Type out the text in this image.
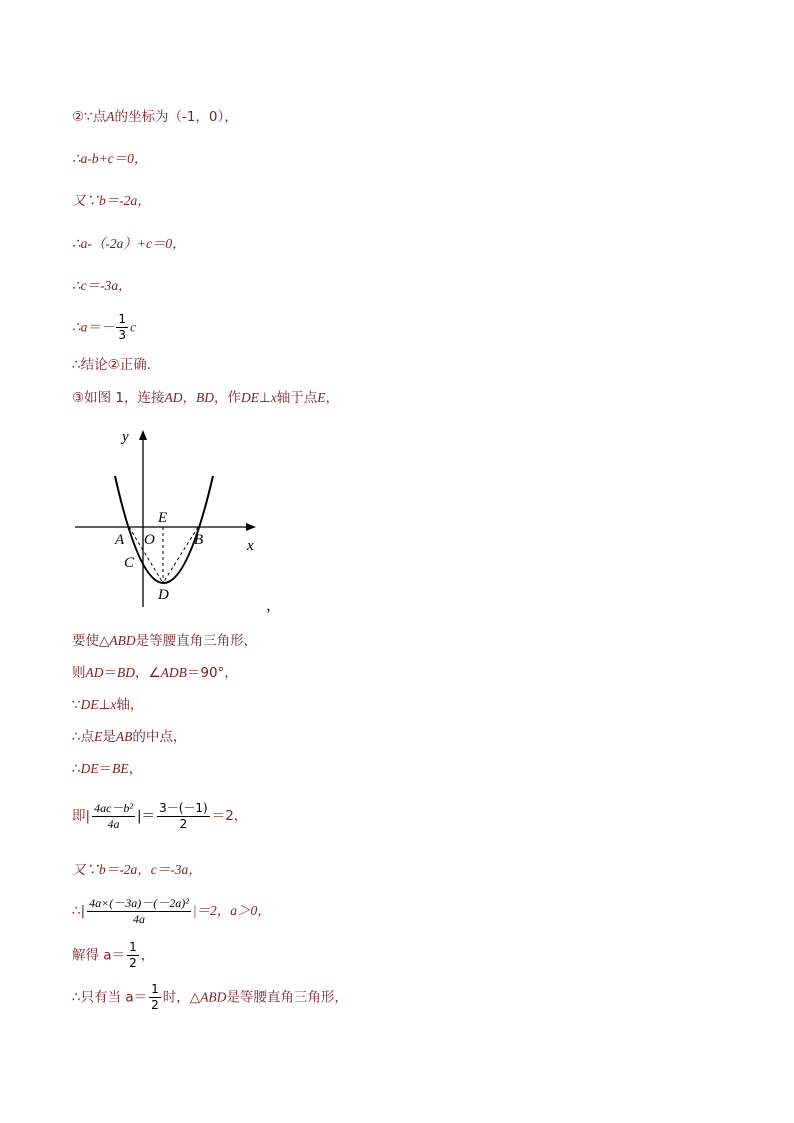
②∵点A的坐标为（-1，0），
∴a-b+c＝0，
又∵b＝-2a，
∴a-（-2a）+c＝0，
∴c＝-3a，
∴a＝－ $\frac{1}{3}$ c
∴结论②正确．
③如图 1，连接AD，BD，作DE⊥x轴于点E，
y
x
E
A O	B
C
D
，
要使△ABD是等腰直角三角形，
则AD＝BD，∠ADB＝90°，
∵DE⊥x轴，
∴点E是AB的中点，
∴DE＝BE，
即| $\frac{\text{4ac－b²}}{4a}$ |＝ $\frac{3-(-1)}{2} =2$，
又∵b＝-2a，c＝-3a，
∴| $\frac{\text{4a×(－3a)－(－2a)²}}{4a} |=2$，a＞0，
解得 $a= \frac{1}{2}$ ，
∴只有当 $a= \frac{1}{2}$ 时，△ABD是等腰直角三角形，
